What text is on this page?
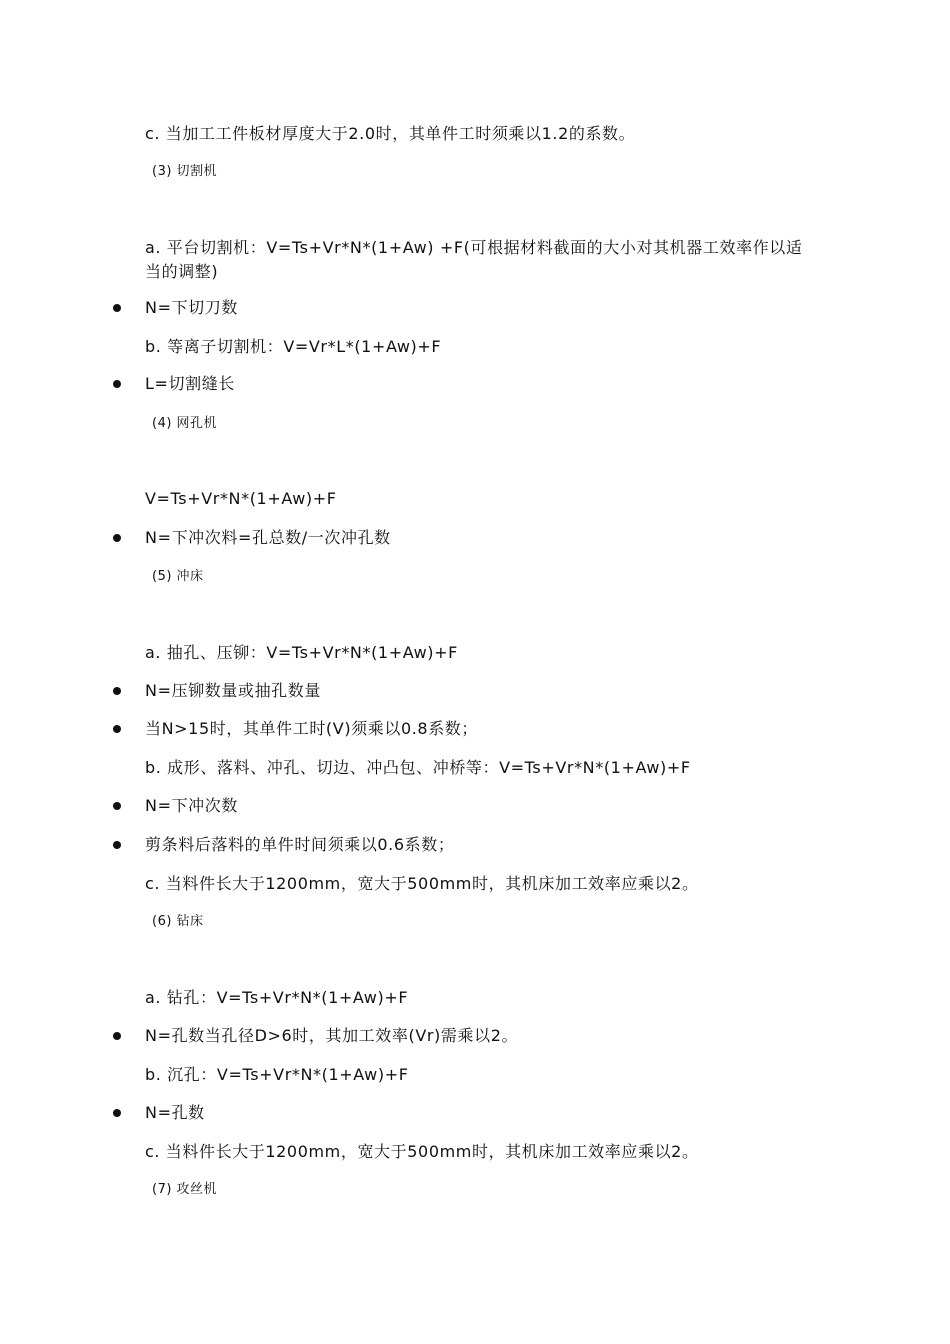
c. 当加工工件板材厚度大于2.0时，其单件工时须乘以1.2的系数。
(3) 切割机
a. 平台切割机：V=Ts+Vr*N*(1+Aw) +F(可根据材料截面的大小对其机器工效率作以适当的调整)
N=下切刀数
b. 等离子切割机：V=Vr*L*(1+Aw)+F
L=切割缝长
(4) 网孔机
V=Ts+Vr*N*(1+Aw)+F
N=下冲次料=孔总数/一次冲孔数
(5) 冲床
a. 抽孔、压铆：V=Ts+Vr*N*(1+Aw)+F
N=压铆数量或抽孔数量
当N>15时，其单件工时(V)须乘以0.8系数；
b. 成形、落料、冲孔、切边、冲凸包、冲桥等：V=Ts+Vr*N*(1+Aw)+F
N=下冲次数
剪条料后落料的单件时间须乘以0.6系数；
c. 当料件长大于1200mm，宽大于500mm时，其机床加工效率应乘以2。
(6) 钻床
a. 钻孔：V=Ts+Vr*N*(1+Aw)+F
N=孔数当孔径D>6时，其加工效率(Vr)需乘以2。
b. 沉孔：V=Ts+Vr*N*(1+Aw)+F
N=孔数
c. 当料件长大于1200mm，宽大于500mm时，其机床加工效率应乘以2。
(7) 攻丝机
